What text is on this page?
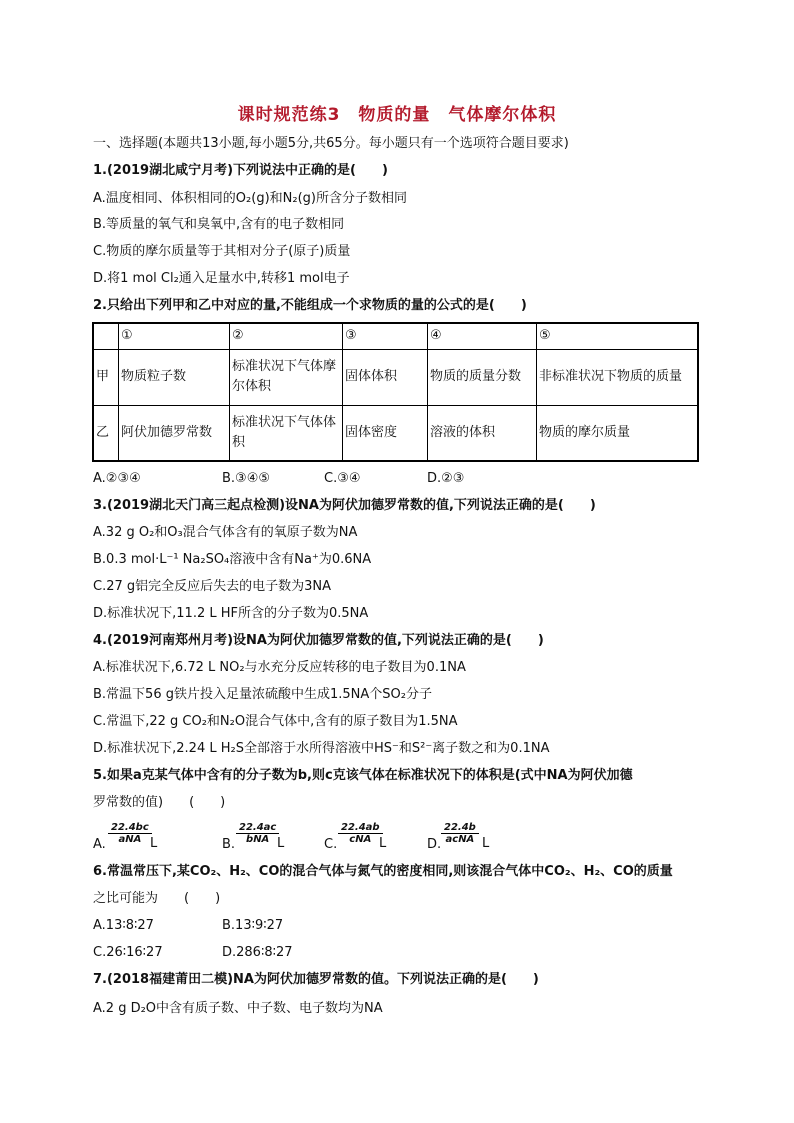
课时规范练3　物质的量　气体摩尔体积
一、选择题(本题共13小题,每小题5分,共65分。每小题只有一个选项符合题目要求)
1.(2019湖北咸宁月考)下列说法中正确的是(　　)
A.温度相同、体积相同的O₂(g)和N₂(g)所含分子数相同
B.等质量的氧气和臭氧中,含有的电子数相同
C.物质的摩尔质量等于其相对分子(原子)质量
D.将1 mol Cl₂通入足量水中,转移1 mol电子
2.只给出下列甲和乙中对应的量,不能组成一个求物质的量的公式的是(　　)
	①	②	③	④	⑤
甲	物质粒子数	标准状况下气体摩尔体积	固体体积	物质的质量分数	非标准状况下物质的质量
乙	阿伏加德罗常数	标准状况下气体体积	固体密度	溶液的体积	物质的摩尔质量
A.②③④	B.③④⑤	C.③④	D.②③
3.(2019湖北天门高三起点检测)设NA为阿伏加德罗常数的值,下列说法正确的是(　　)
A.32 g O₂和O₃混合气体含有的氧原子数为NA
B.0.3 mol·L⁻¹ Na₂SO₄溶液中含有Na⁺为0.6NA
C.27 g铝完全反应后失去的电子数为3NA
D.标准状况下,11.2 L HF所含的分子数为0.5NA
4.(2019河南郑州月考)设NA为阿伏加德罗常数的值,下列说法正确的是(　　)
A.标准状况下,6.72 L NO₂与水充分反应转移的电子数目为0.1NA
B.常温下56 g铁片投入足量浓硫酸中生成1.5NA个SO₂分子
C.常温下,22 g CO₂和N₂O混合气体中,含有的原子数目为1.5NA
D.标准状况下,2.24 L H₂S全部溶于水所得溶液中HS⁻和S²⁻离子数之和为0.1NA
5.如果a克某气体中含有的分子数为b,则c克该气体在标准状况下的体积是(式中NA为阿伏加德
罗常数的值)　　(　　)
A.
22.4bc
aNA L	B.
22.4ac
bNA L	C.
22.4ab
cNA L	D.
22.4b
acNA L
6.常温常压下,某CO₂、H₂、CO的混合气体与氮气的密度相同,则该混合气体中CO₂、H₂、CO的质量
之比可能为　　(　　)
A.13∶8∶27	B.13∶9∶27
C.26∶16∶27	D.286∶8∶27
7.(2018福建莆田二模)NA为阿伏加德罗常数的值。下列说法正确的是(　　)
A.2 g D₂O中含有质子数、中子数、电子数均为NA
